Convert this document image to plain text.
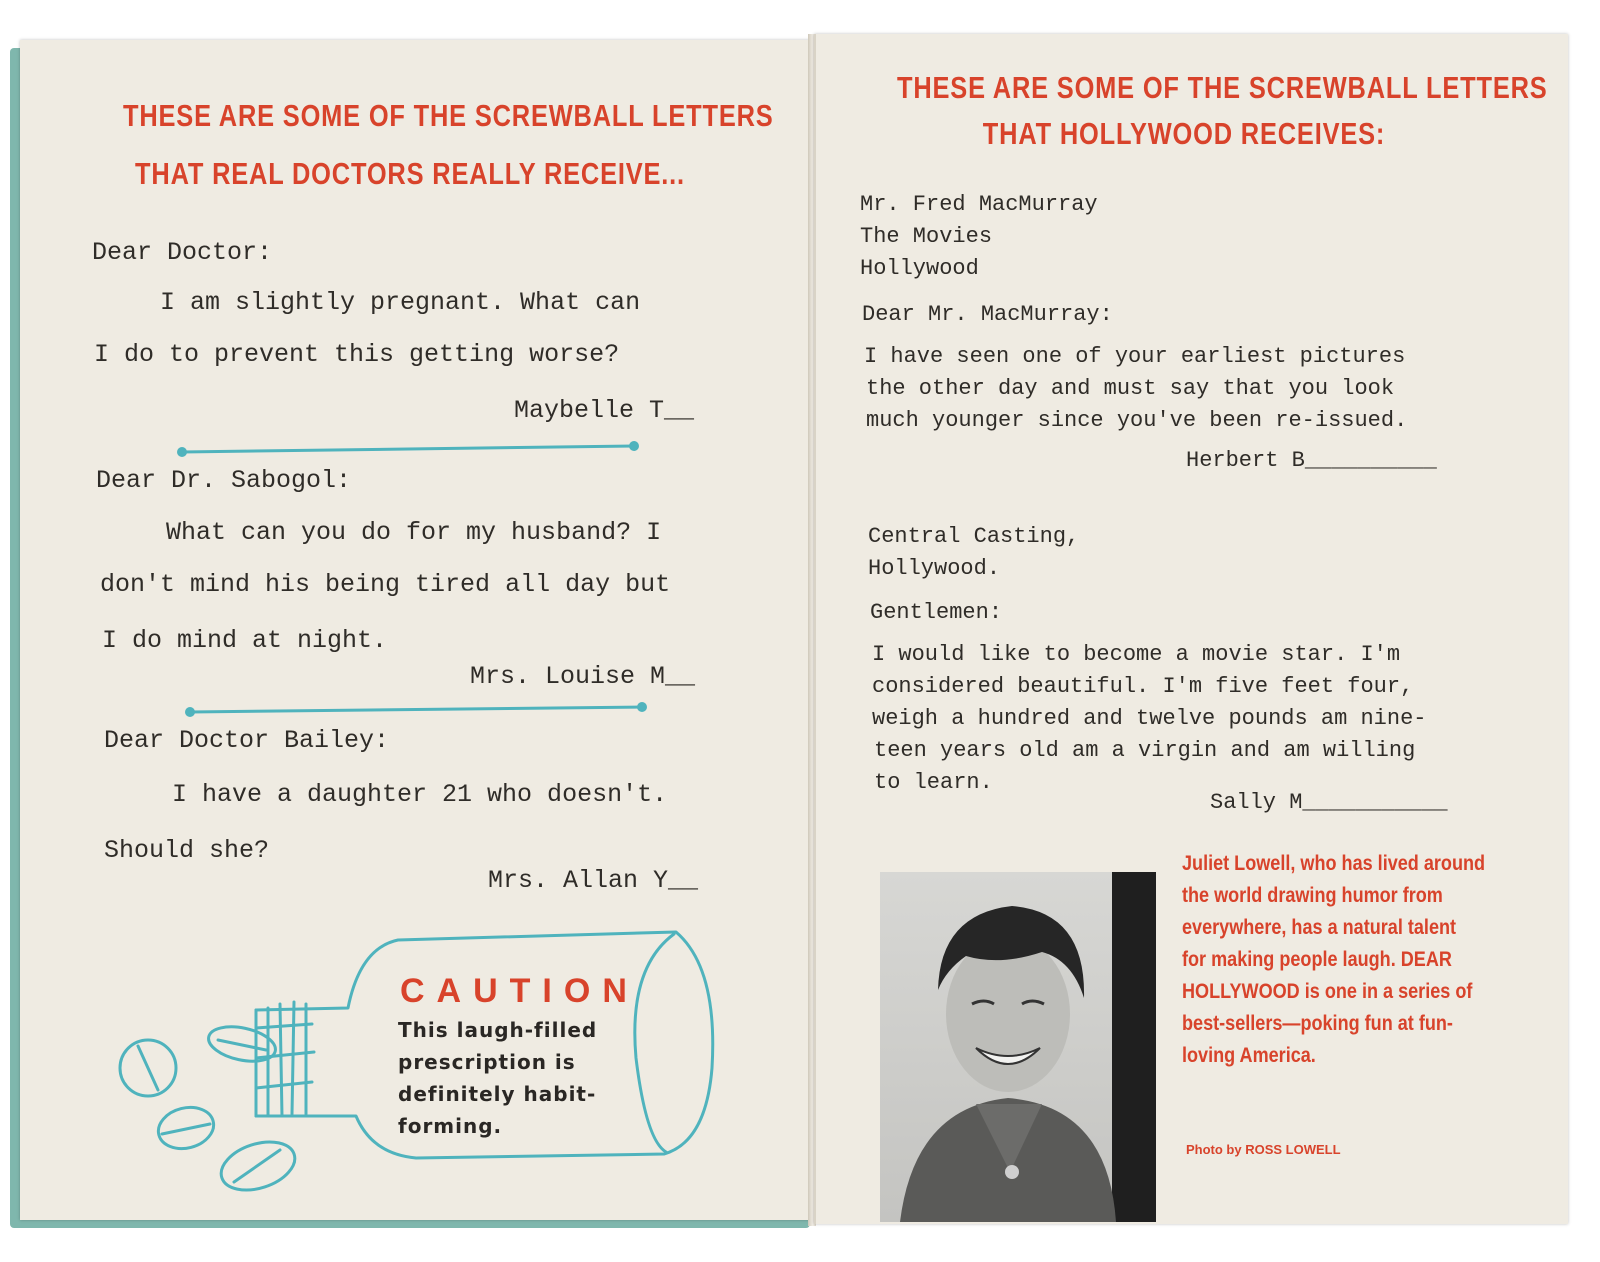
THESE ARE SOME OF THE SCREWBALL LETTERS

THAT REAL DOCTORS REALLY RECEIVE...

Dear Doctor:

I am slightly pregnant. What can

I do to prevent this getting worse?

Maybelle T__

Dear Dr. Sabogol:

What can you do for my husband? I

don't mind his being tired all day but

I do mind at night.

Mrs. Louise M__

Dear Doctor Bailey:

I have a daughter 21 who doesn't.

Should she?

Mrs. Allan Y__

CAUTION

This laugh-filled

prescription is

definitely habit-

forming.

THESE ARE SOME OF THE SCREWBALL LETTERS

THAT HOLLYWOOD RECEIVES:

Mr. Fred MacMurray

The Movies

Hollywood

Dear Mr. MacMurray:

I have seen one of your earliest pictures

the other day and must say that you look

much younger since you've been re-issued.

Herbert B__________

Central Casting,

Hollywood.

Gentlemen:

I would like to become a movie star. I'm

considered beautiful. I'm five feet four,

weigh a hundred and twelve pounds am nine-

teen years old am a virgin and am willing

to learn.

Sally M___________

Juliet Lowell, who has lived around

the world drawing humor from

everywhere, has a natural talent

for making people laugh. DEAR

HOLLYWOOD is one in a series of

best-sellers—poking fun at fun-

loving America.

Photo by ROSS LOWELL
